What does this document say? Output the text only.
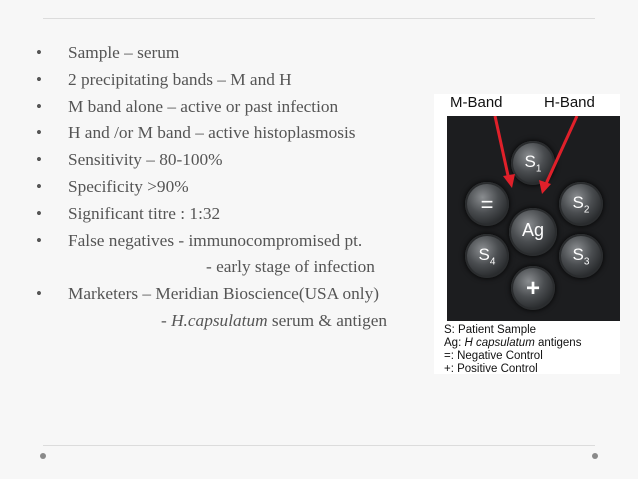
•	Sample – serum
•	2 precipitating bands – M and H
•	M band alone – active or past infection
•	H and /or M band – active histoplasmosis
•	Sensitivity – 80-100%
•	Specificity >90%
•	Significant titre : 1:32
•	False negatives - immunocompromised pt.
- early stage of infection
•	Marketers – Meridian Bioscience(USA only)
- H.capsulatum serum & antigen
M-Band	H-Band
$S_1$
$S_2$
$S_3$
$S_4$
=
+
Ag
S: Patient Sample
Ag: H capsulatum antigens
=: Negative Control
+: Positive Control
